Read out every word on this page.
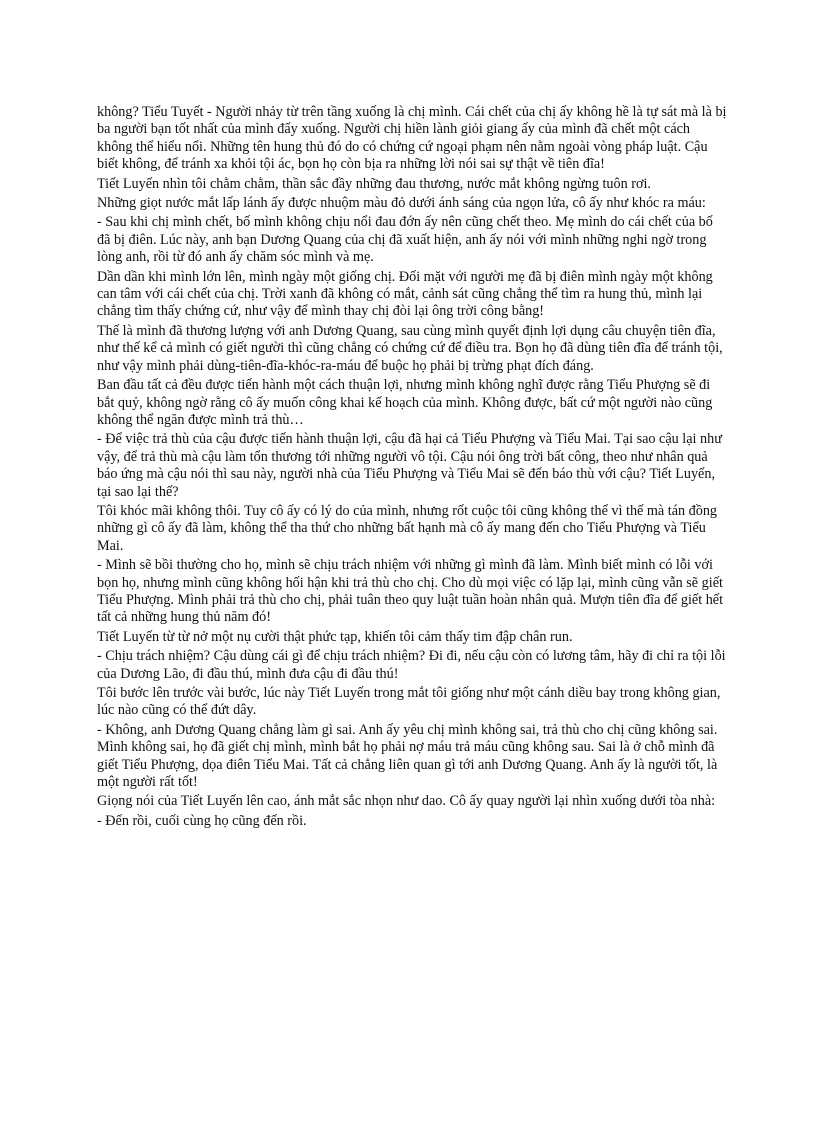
không? Tiểu Tuyết - Người nhảy từ trên tầng xuống là chị mình. Cái chết của chị ấy không hề là tự sát mà là bị ba người bạn tốt nhất của mình đẩy xuống. Người chị hiền lành giỏi giang ấy của mình đã chết một cách không thể hiểu nổi. Những tên hung thủ đó do có chứng cứ ngoại phạm nên nằm ngoài vòng pháp luật. Cậu biết không, để tránh xa khỏi tội ác, bọn họ còn bịa ra những lời nói sai sự thật về tiên đĩa!

Tiết Luyến nhìn tôi chằm chằm, thần sắc đầy những đau thương, nước mắt không ngừng tuôn rơi.

Những giọt nước mắt lấp lánh ấy được nhuộm màu đỏ dưới ánh sáng của ngọn lửa, cô ấy như khóc ra máu:

- Sau khi chị mình chết, bố mình không chịu nổi đau đớn ấy nên cũng chết theo. Mẹ mình do cái chết của bố đã bị điên. Lúc này, anh bạn Dương Quang của chị đã xuất hiện, anh ấy nói với mình những nghi ngờ trong lòng anh, rồi từ đó anh ấy chăm sóc mình và mẹ.

Dần dần khi mình lớn lên, mình ngày một giống chị. Đối mặt với người mẹ đã bị điên mình ngày một không can tâm với cái chết của chị. Trời xanh đã không có mắt, cảnh sát cũng chẳng thể tìm ra hung thủ, mình lại chẳng tìm thấy chứng cứ, như vậy để mình thay chị đòi lại ông trời công bằng!

Thế là mình đã thương lượng với anh Dương Quang, sau cùng mình quyết định lợi dụng câu chuyện tiên đĩa, như thế kể cả mình có giết người thì cũng chẳng có chứng cứ để điều tra. Bọn họ đã dùng tiên đĩa để tránh tội, như vậy mình phải dùng-tiên-đĩa-khóc-ra-máu để buộc họ phải bị trừng phạt đích đáng.

Ban đầu tất cả đều được tiến hành một cách thuận lợi, nhưng mình không nghĩ được rằng Tiểu Phượng sẽ đi bắt quỷ, không ngờ rằng cô ấy muốn công khai kế hoạch của mình. Không được, bất cứ một người nào cũng không thể ngăn được mình trả thù…

- Để việc trả thù của cậu được tiến hành thuận lợi, cậu đã hại cả Tiểu Phượng và Tiểu Mai. Tại sao cậu lại như vậy, để trả thù mà cậu làm tổn thương tới những người vô tội. Cậu nói ông trời bất công, theo như nhân quả báo ứng mà cậu nói thì sau này, người nhà của Tiểu Phượng và Tiểu Mai sẽ đến báo thù với cậu? Tiết Luyến, tại sao lại thế?

Tôi khóc mãi không thôi. Tuy cô ấy có lý do của mình, nhưng rốt cuộc tôi cũng không thể vì thế mà tán đồng những gì cô ấy đã làm, không thể tha thứ cho những bất hạnh mà cô ấy mang đến cho Tiểu Phượng và Tiểu Mai.

- Mình sẽ bồi thường cho họ, mình sẽ chịu trách nhiệm với những gì mình đã làm. Mình biết mình có lỗi với bọn họ, nhưng mình cũng không hối hận khi trả thù cho chị. Cho dù mọi việc có lặp lại, mình cũng vẫn sẽ giết Tiểu Phượng. Mình phải trả thù cho chị, phải tuân theo quy luật tuần hoàn nhân quả. Mượn tiên đĩa để giết hết tất cả những hung thủ năm đó!

Tiết Luyến từ từ nở một nụ cười thật phức tạp, khiến tôi cảm thấy tim đập chân run.

- Chịu trách nhiệm? Cậu dùng cái gì để chịu trách nhiệm? Đi đi, nếu cậu còn có lương tâm, hãy đi chỉ ra tội lỗi của Dương Lão, đi đầu thú, mình đưa cậu đi đầu thú!

Tôi bước lên trước vài bước, lúc này Tiết Luyến trong mắt tôi giống như một cánh diều bay trong không gian, lúc nào cũng có thể đứt dây.

- Không, anh Dương Quang chẳng làm gì sai. Anh ấy yêu chị mình không sai, trả thù cho chị cũng không sai. Mình không sai, họ đã giết chị mình, mình bắt họ phải nợ máu trả máu cũng không sau. Sai là ở chỗ mình đã giết Tiểu Phượng, dọa điên Tiểu Mai. Tất cả chẳng liên quan gì tới anh Dương Quang. Anh ấy là người tốt, là một người rất tốt!

Giọng nói của Tiết Luyến lên cao, ánh mắt sắc nhọn như dao. Cô ấy quay người lại nhìn xuống dưới tòa nhà:

- Đến rồi, cuối cùng họ cũng đến rồi.
